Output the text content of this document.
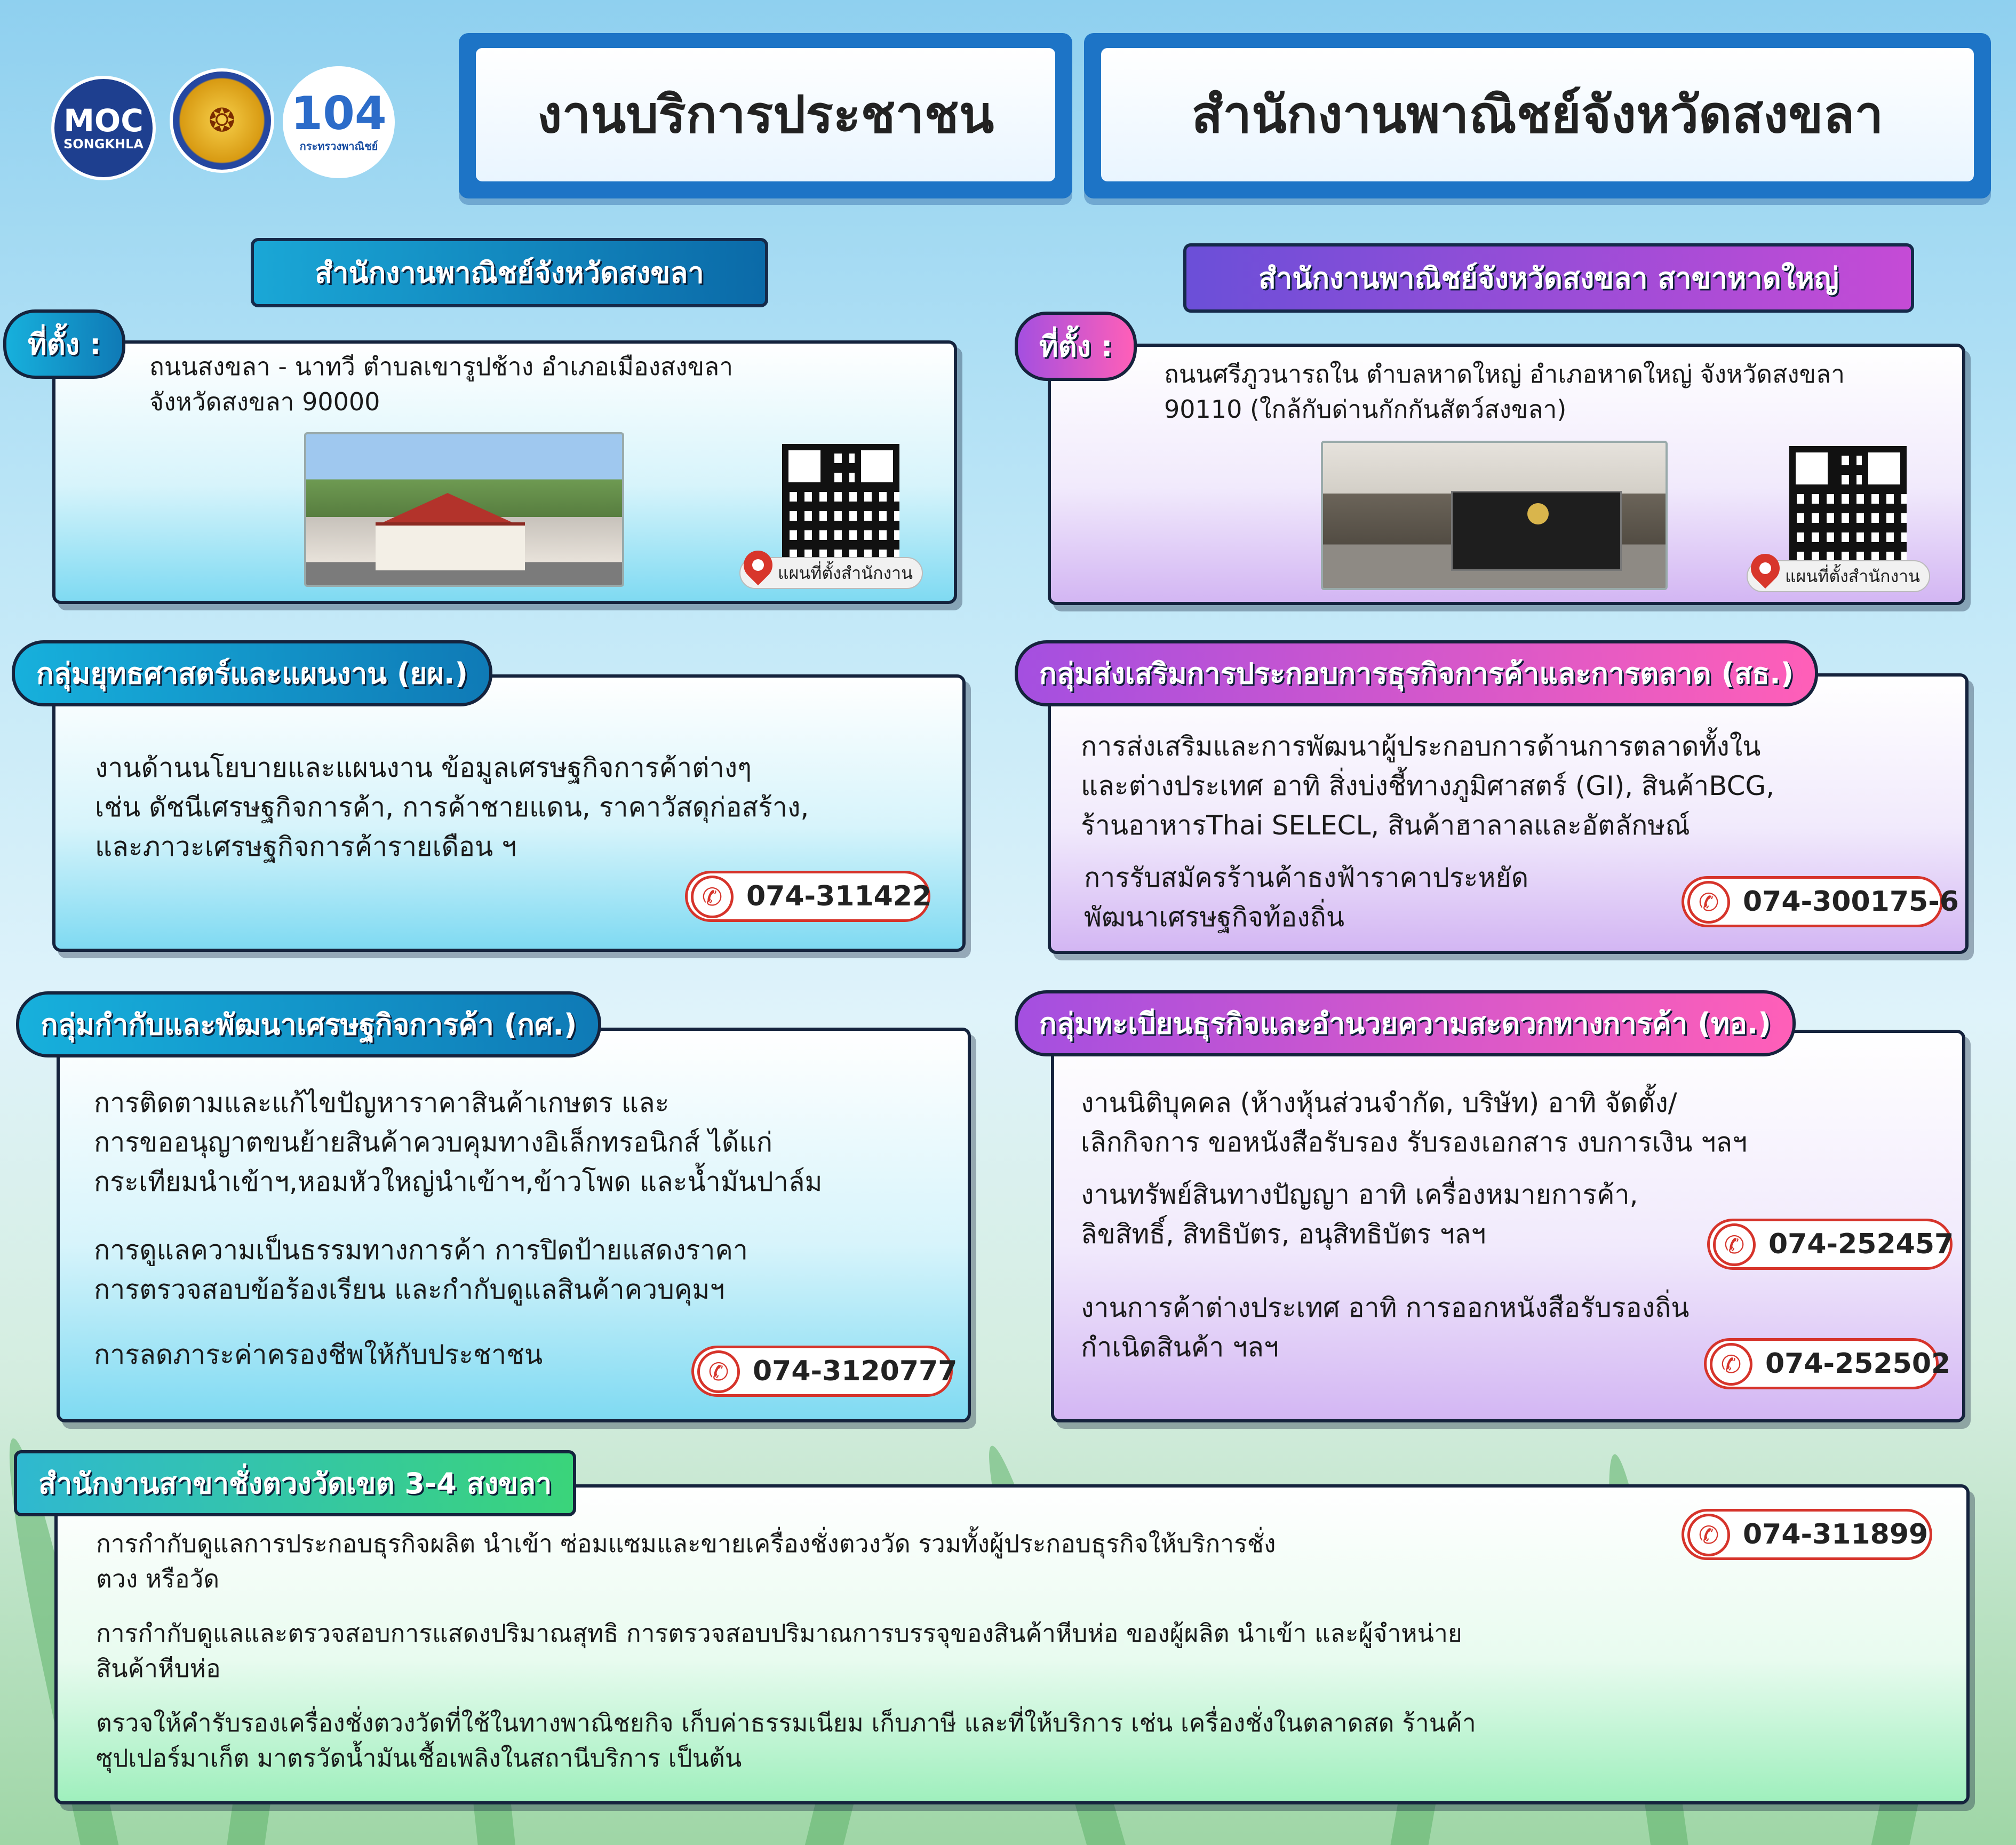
MOC
SONGKHLA
❂ 104
กระทรวงพาณิชย์
งานบริการประชาชน	สำนักงานพาณิชย์จังหวัดสงขลา
สำนักงานพาณิชย์จังหวัดสงขลา
ที่ตั้ง :
ถนนสงขลา - นาทวี ตำบลเขารูปช้าง อำเภอเมืองสงขลา
จังหวัดสงขลา 90000
แผนที่ตั้งสำนักงาน
สำนักงานพาณิชย์จังหวัดสงขลา สาขาหาดใหญ่
ที่ตั้ง :
ถนนศรีภูวนารถใน ตำบลหาดใหญ่ อำเภอหาดใหญ่ จังหวัดสงขลา
90110 (ใกล้กับด่านกักกันสัตว์สงขลา)
แผนที่ตั้งสำนักงาน
กลุ่มยุทธศาสตร์และแผนงาน (ยผ.)
งานด้านนโยบายและแผนงาน ข้อมูลเศรษฐกิจการค้าต่างๆ
เช่น ดัชนีเศรษฐกิจการค้า, การค้าชายแดน, ราคาวัสดุก่อสร้าง,
และภาวะเศรษฐกิจการค้ารายเดือน ฯ
✆ 074-311422
กลุ่มส่งเสริมการประกอบการธุรกิจการค้าและการตลาด (สธ.)
การส่งเสริมและการพัฒนาผู้ประกอบการด้านการตลาดทั้งใน
และต่างประเทศ อาทิ สิ่งบ่งชี้ทางภูมิศาสตร์ (GI), สินค้าBCG,
ร้านอาหารThai SELECL, สินค้าฮาลาลและอัตลักษณ์
การรับสมัครร้านค้าธงฟ้าราคาประหยัด
พัฒนาเศรษฐกิจท้องถิ่น	✆ 074-300175-6
กลุ่มกำกับและพัฒนาเศรษฐกิจการค้า (กศ.)
การติดตามและแก้ไขปัญหาราคาสินค้าเกษตร และ
การขออนุญาตขนย้ายสินค้าควบคุมทางอิเล็กทรอนิกส์ ได้แก่
กระเทียมนำเข้าฯ,หอมหัวใหญ่นำเข้าฯ,ข้าวโพด และน้ำมันปาล์ม
การดูแลความเป็นธรรมทางการค้า การปิดป้ายแสดงราคา
การตรวจสอบข้อร้องเรียน และกำกับดูแลสินค้าควบคุมฯ
การลดภาระค่าครองชีพให้กับประชาชน
✆ 074-3120777
กลุ่มทะเบียนธุรกิจและอำนวยความสะดวกทางการค้า (ทอ.)
งานนิติบุคคล (ห้างหุ้นส่วนจำกัด, บริษัท) อาทิ จัดตั้ง/
เลิกกิจการ ขอหนังสือรับรอง รับรองเอกสาร งบการเงิน ฯลฯ
งานทรัพย์สินทางปัญญา อาทิ เครื่องหมายการค้า,
ลิขสิทธิ์, สิทธิบัตร, อนุสิทธิบัตร ฯลฯ	✆ 074-252457
งานการค้าต่างประเทศ อาทิ การออกหนังสือรับรองถิ่น
กำเนิดสินค้า ฯลฯ
✆ 074-252502
สำนักงานสาขาชั่งตวงวัดเขต 3-4 สงขลา
✆ 074-311899
การกำกับดูแลการประกอบธุรกิจผลิต นำเข้า ซ่อมแซมและขายเครื่องชั่งตวงวัด รวมทั้งผู้ประกอบธุรกิจให้บริการชั่ง
ตวง หรือวัด
การกำกับดูแลและตรวจสอบการแสดงปริมาณสุทธิ การตรวจสอบปริมาณการบรรจุของสินค้าหีบห่อ ของผู้ผลิต นำเข้า และผู้จำหน่าย
สินค้าหีบห่อ
ตรวจให้คำรับรองเครื่องชั่งตวงวัดที่ใช้ในทางพาณิชยกิจ เก็บค่าธรรมเนียม เก็บภาษี และที่ให้บริการ เช่น เครื่องชั่งในตลาดสด ร้านค้า
ซุปเปอร์มาเก็ต มาตรวัดน้ำมันเชื้อเพลิงในสถานีบริการ เป็นต้น
